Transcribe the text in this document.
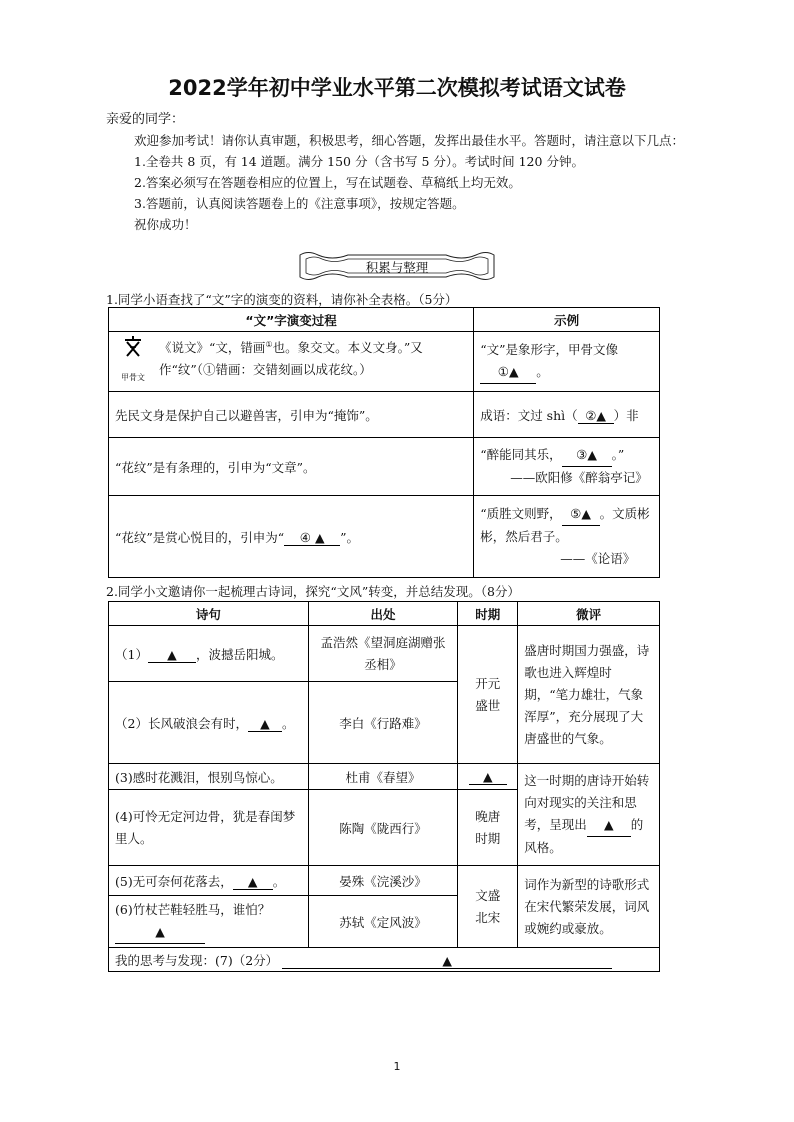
2022学年初中学业水平第二次模拟考试语文试卷
亲爱的同学：

欢迎参加考试！请你认真审题，积极思考，细心答题，发挥出最佳水平。答题时，请注意以下几点：

1.全卷共 8 页，有 14 道题。满分 150 分（含书写 5 分）。考试时间 120 分钟。

2.答案必须写在答题卷相应的位置上，写在试题卷、草稿纸上均无效。

3.答题前，认真阅读答题卷上的《注意事项》，按规定答题。

祝你成功！

积累与整理
1.同学小语查找了“文”字的演变的资料，请你补全表格。（5分）
“文”字演变过程	示例

甲骨文
《说文》“文，错画①也。象交文。本义文身。”又作“纹”（①错画：交错刻画以成花纹。）	“文”是象形字，甲骨文像 ①▲ 。
先民文身是保护自己以避兽害，引申为“掩饰”。	成语：文过 shì（ ②▲ ）非
“花纹”是有条理的，引申为“文章”。	“醉能同其乐， ③▲ 。”
——欧阳修《醉翁亭记》
“花纹”是赏心悦目的，引申为“ ④ ▲ ”。	“质胜文则野， ⑤▲ 。文质彬彬，然后君子。
——《论语》
2.同学小文邀请你一起梳理古诗词，探究“文风”转变，并总结发现。（8分）
诗句	出处	时期	微评
（1） ▲ ，波撼岳阳城。	孟浩然《望洞庭湖赠张丞相》	开元盛世	盛唐时期国力强盛，诗歌也进入辉煌时期，“笔力雄壮，气象浑厚”，充分展现了大唐盛世的气象。
（2）长风破浪会有时， ▲ 。	李白《行路难》		
(3)感时花溅泪，恨别鸟惊心。	杜甫《春望》	▲	这一时期的唐诗开始转向对现实的关注和思考，呈现出 ▲ 的风格。
(4)可怜无定河边骨，犹是春闺梦里人。	陈陶《陇西行》	晚唐时期	
(5)无可奈何花落去， ▲ 。	晏殊《浣溪沙》	文盛北宋	词作为新型的诗歌形式在宋代繁荣发展，词风或婉约或豪放。
(6)竹杖芒鞋轻胜马，谁怕？
▲	苏轼《定风波》		
我的思考与发现：(7)（2分） ▲			
1
